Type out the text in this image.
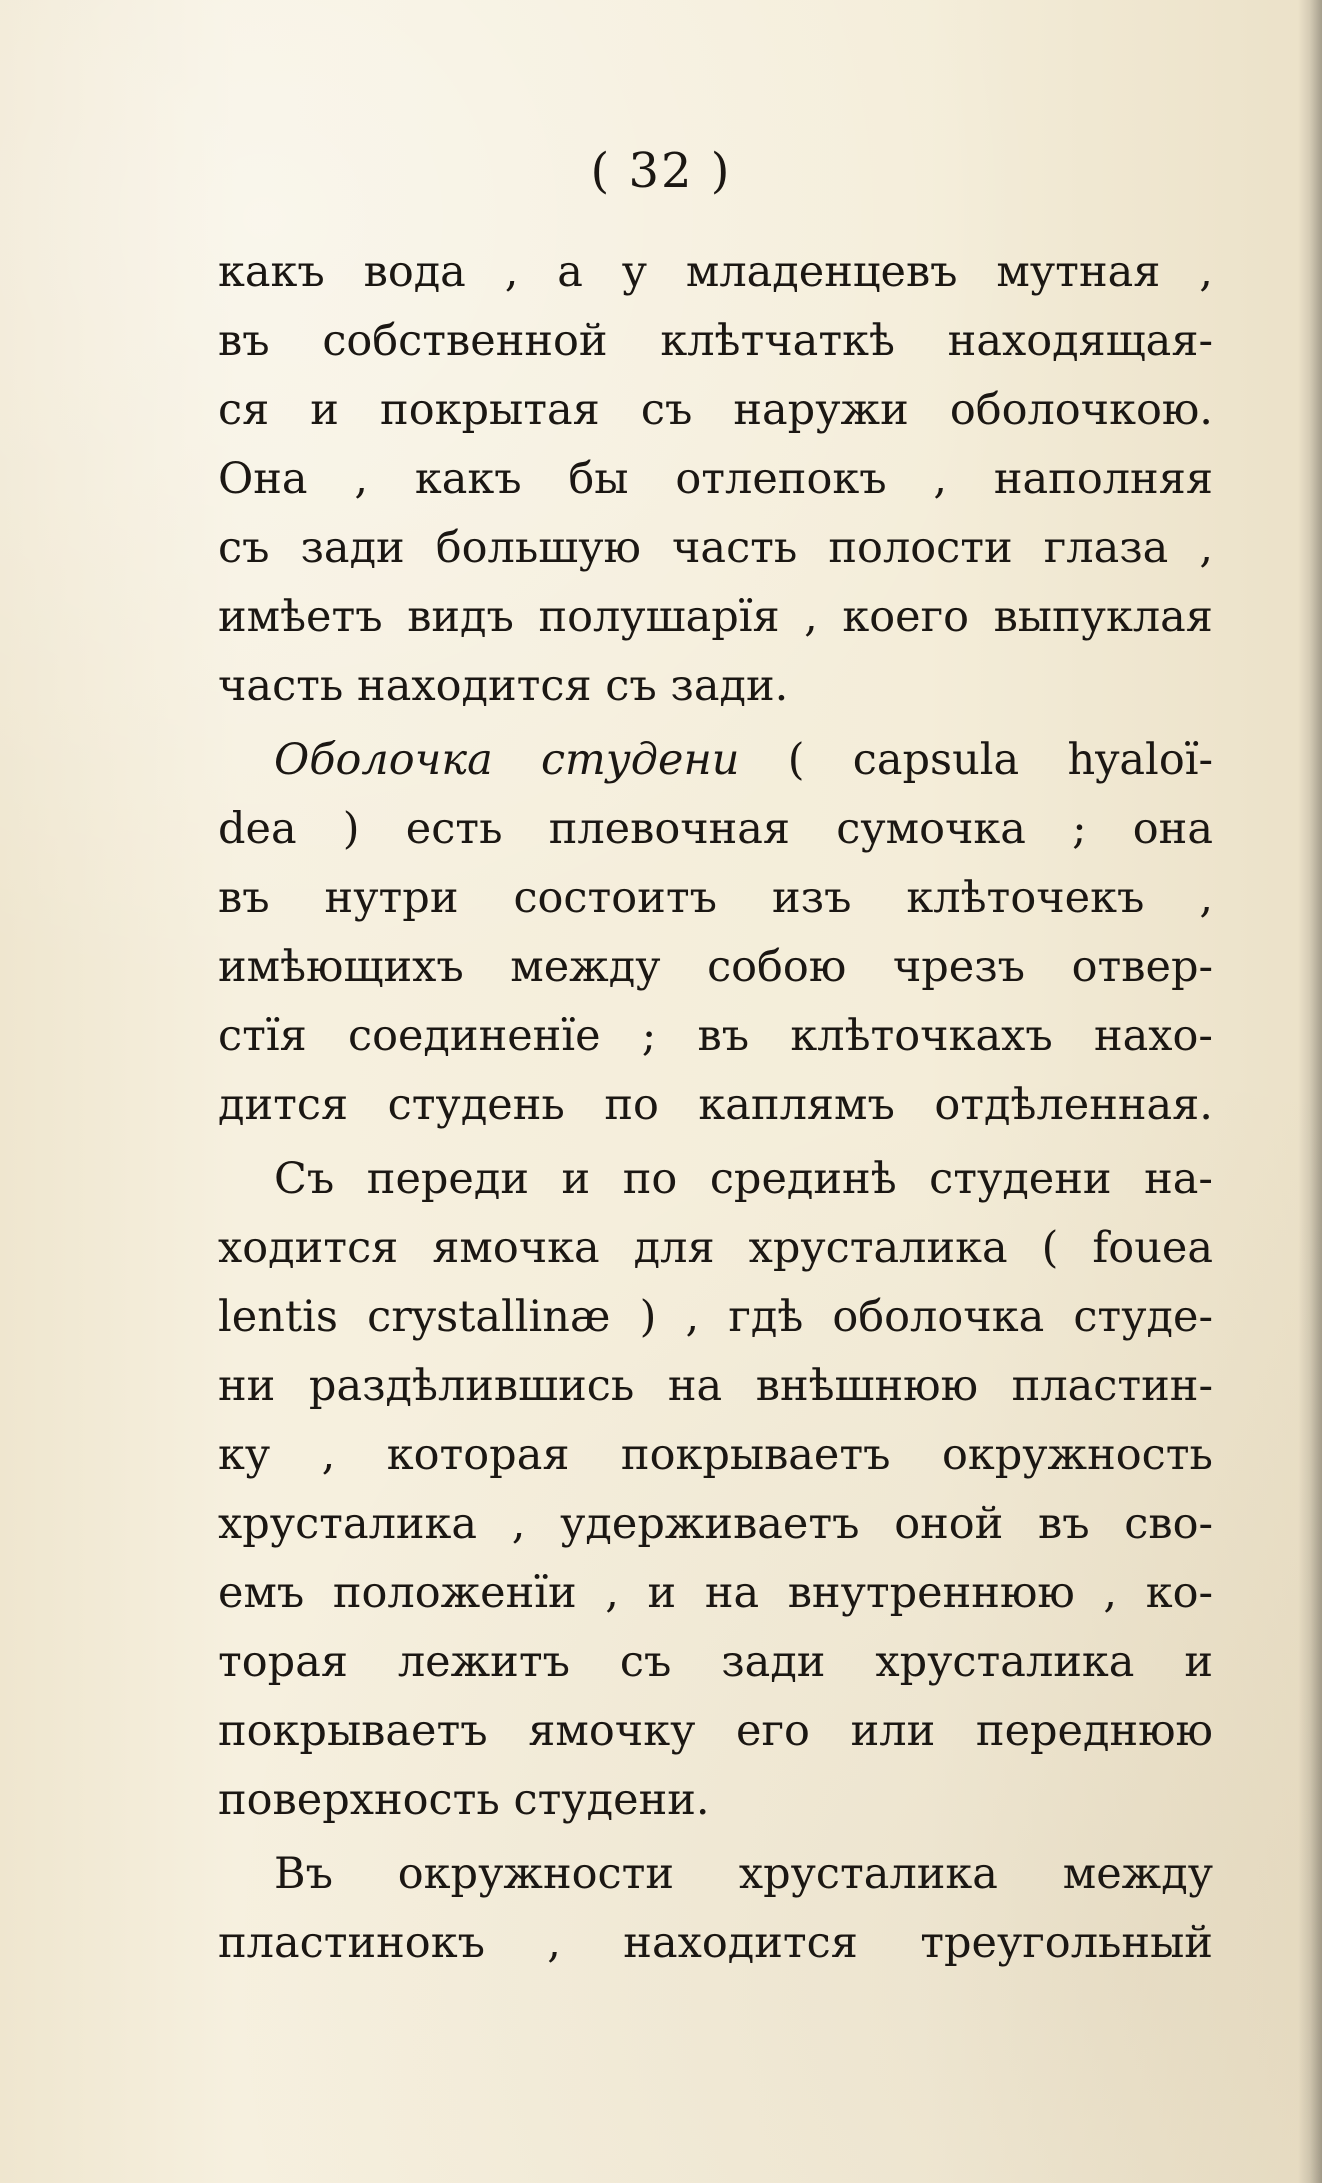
( 32 )
какъ вода , а у младенцевъ мутная ,
въ собственной клѣтчаткѣ находящая-
ся и покрытая съ наружи оболочкою.
Она , какъ бы отлепокъ , наполняя
съ зади большую часть полости глаза ,
имѣетъ видъ полушарїя , коего выпуклая
часть
находится
съ
зади.
Оболочка студени ( capsula hyaloï-
dea ) есть плевочная сумочка ; она
въ нутри состоитъ изъ клѣточекъ ,
имѣющихъ между собою чрезъ отвер-
стїя соединенїе ; въ клѣточкахъ нахо-
дится студень по каплямъ отдѣленная.
Съ переди и по срединѣ студени на-
ходится ямочка для хрусталика ( fouea
lentis crystallinæ ) , гдѣ оболочка студе-
ни раздѣлившись на внѣшнюю пластин-
ку , которая покрываетъ окружность
хрусталика , удерживаетъ оной въ сво-
емъ положенїи , и на внутреннюю , ко-
торая лежитъ съ зади хрусталика и
покрываетъ ямочку его или переднюю
поверхность
студени.
Въ окружности хрусталика между
пластинокъ , находится треугольный
